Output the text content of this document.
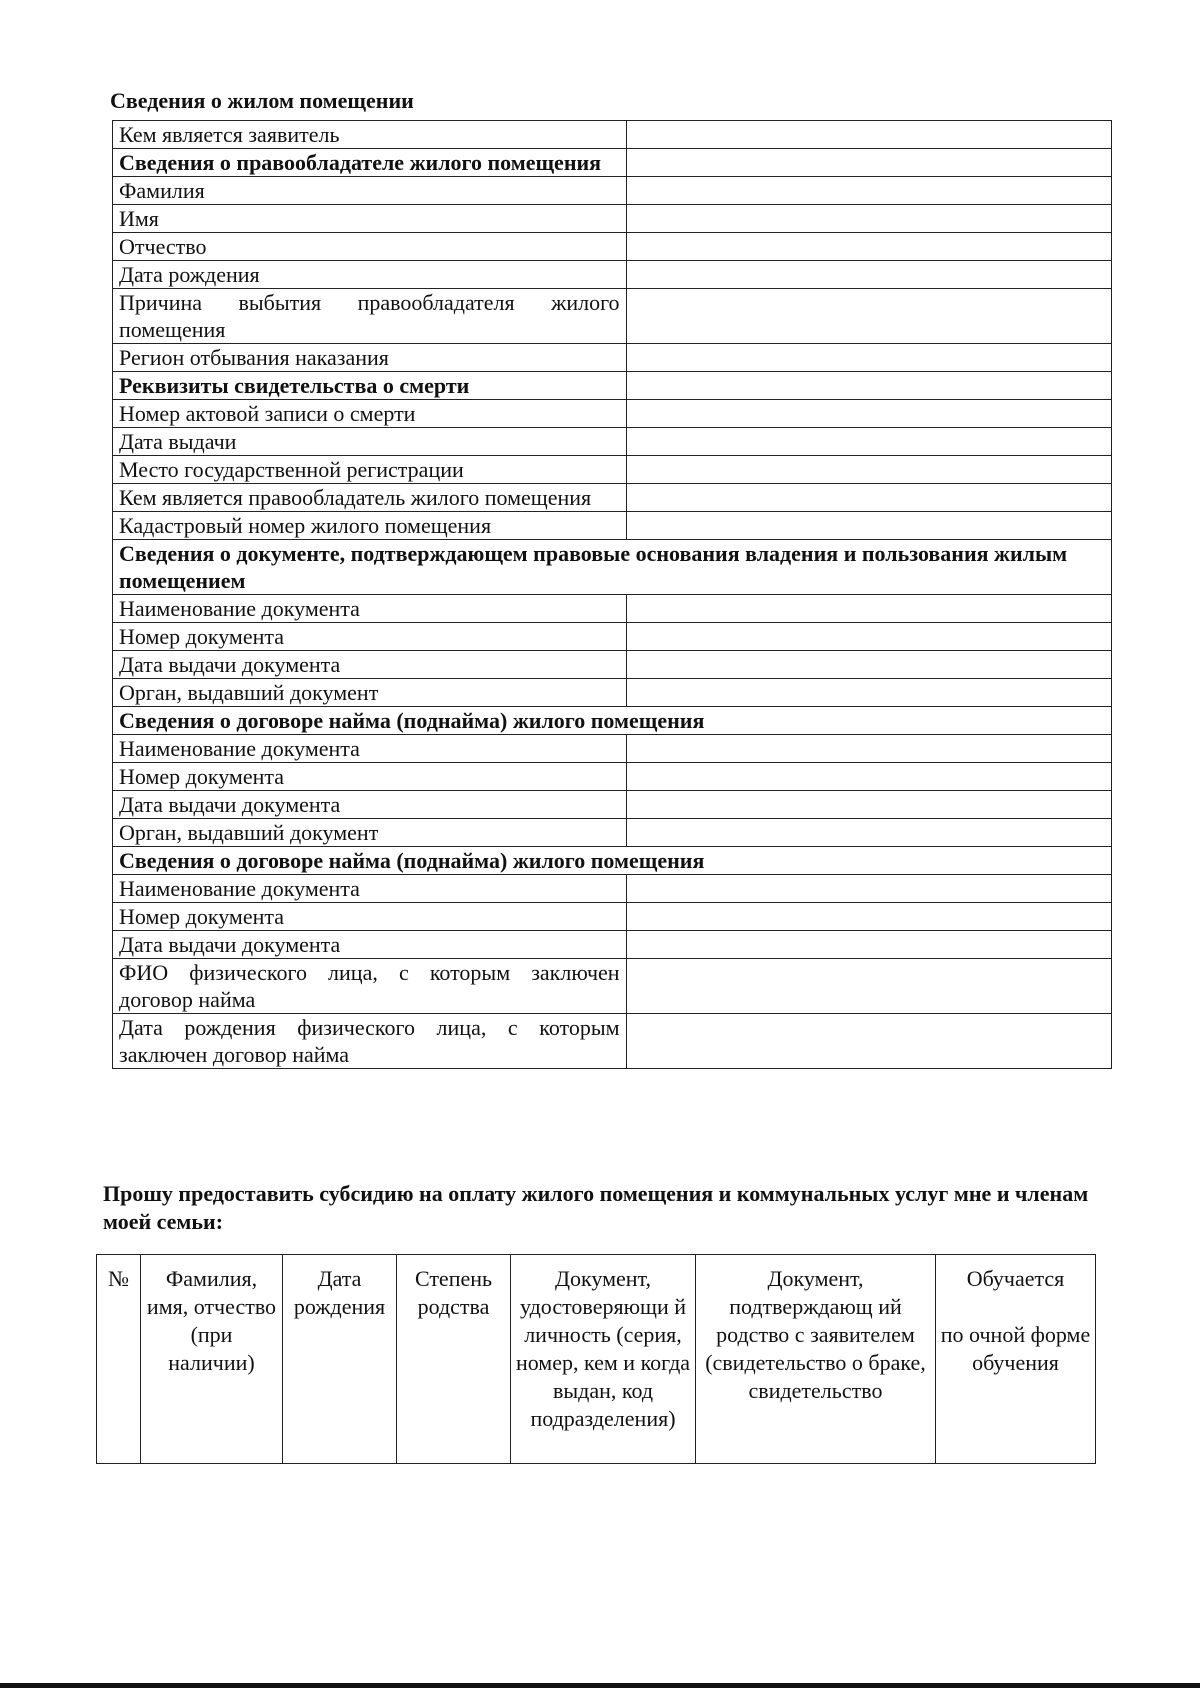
Сведения о жилом помещении
Кем является заявитель	
Сведения о правообладателе жилого помещения	
Фамилия	
Имя	
Отчество	
Дата рождения	
Причина выбытия правообладателя жилого помещения	
Регион отбывания наказания	
Реквизиты свидетельства о смерти	
Номер актовой записи о смерти	
Дата выдачи	
Место государственной регистрации	
Кем является правообладатель жилого помещения	
Кадастровый номер жилого помещения	
Сведения о документе, подтверждающем правовые основания владения и пользования жилым помещением	
Наименование документа	
Номер документа	
Дата выдачи документа	
Орган, выдавший документ	
Сведения о договоре найма (поднайма) жилого помещения	
Наименование документа	
Номер документа	
Дата выдачи документа	
Орган, выдавший документ	
Сведения о договоре найма (поднайма) жилого помещения	
Наименование документа	
Номер документа	
Дата выдачи документа	
ФИО физического лица, с которым заключен договор найма	
Дата рождения физического лица, с которым заключен договор найма	

Прошу предоставить субсидию на оплату жилого помещения и коммунальных услуг мне и членам моей семьи:

№	Фамилия, имя, отчество (при наличии)	Дата рождения	Степень родства	Документ, удостоверяющи й личность (серия, номер, кем и когда выдан, код подразделения)	Документ, подтверждающ ий родство с заявителем (свидетельство о браке, свидетельство	Обучается

по очной форме обучения
